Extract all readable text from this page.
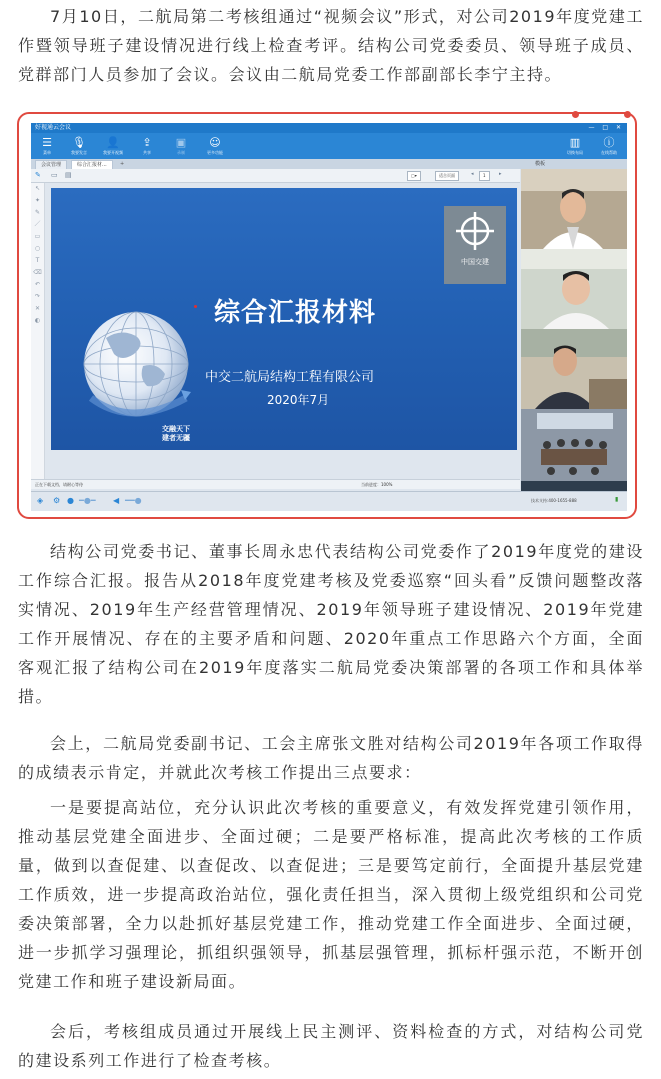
7月10日，二航局第二考核组通过“视频会议”形式，对公司2019年度党建工作暨领导班子建设情况进行线上检查考评。结构公司党委委员、领导班子成员、党群部门人员参加了会议。会议由二航局党委工作部副部长李宁主持。

好视通云会议	— □ ✕
☰
菜单
🎙
我要发言
👤
我要开视频
⇪
共享
▣
录制
☺
更多功能
▥
切换布局
ⓘ
在线帮助
会议管理	综合汇报材...	+	模板
✎ ▭ ▤	▢▾	适合页面	◂	1	▸
↖
✦
✎
／
▭
○
T
⌫
↶
↷
✕
◐
中国交建
综合汇报材料
中交二航局结构工程有限公司
2020年7月
交融天下
建者无疆
正在下载文档，请耐心等待	当前进度：100%
◈ ⚙ ● ━●━ ◀ ━━●	技术支持:400-1655-888	▮

结构公司党委书记、董事长周永忠代表结构公司党委作了2019年度党的建设工作综合汇报。报告从2018年度党建考核及党委巡察“回头看”反馈问题整改落实情况、2019年生产经营管理情况、2019年领导班子建设情况、2019年党建工作开展情况、存在的主要矛盾和问题、2020年重点工作思路六个方面，全面客观汇报了结构公司在2019年度落实二航局党委决策部署的各项工作和具体举措。

会上，二航局党委副书记、工会主席张文胜对结构公司2019年各项工作取得的成绩表示肯定，并就此次考核工作提出三点要求：

一是要提高站位，充分认识此次考核的重要意义，有效发挥党建引领作用，推动基层党建全面进步、全面过硬；二是要严格标准，提高此次考核的工作质量，做到以查促建、以查促改、以查促进；三是要笃定前行，全面提升基层党建工作质效，进一步提高政治站位，强化责任担当，深入贯彻上级党组织和公司党委决策部署，全力以赴抓好基层党建工作，推动党建工作全面进步、全面过硬，进一步抓学习强理论，抓组织强领导，抓基层强管理，抓标杆强示范，不断开创党建工作和班子建设新局面。

会后，考核组成员通过开展线上民主测评、资料检查的方式，对结构公司党的建设系列工作进行了检查考核。
